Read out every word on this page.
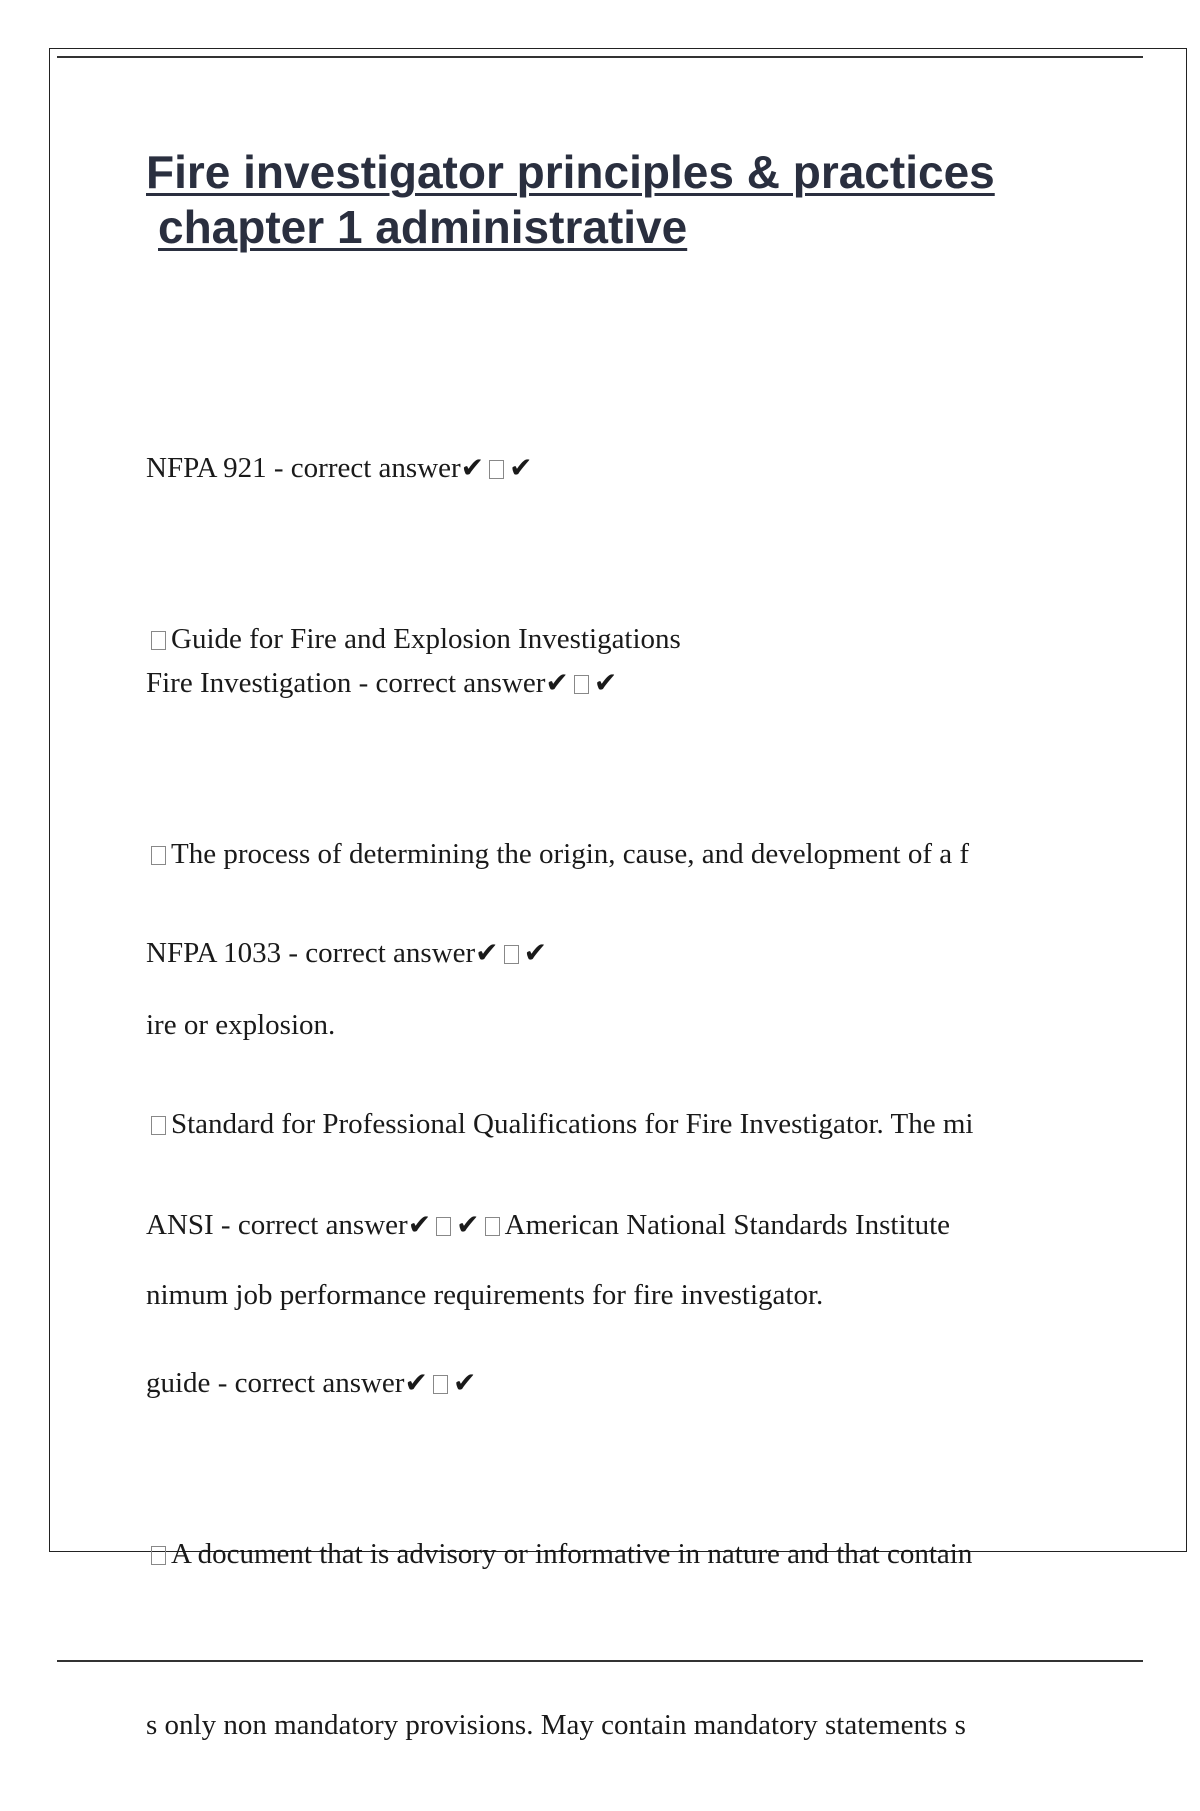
Fire investigator principles & practices
chapter 1 administrative

NFPA 921 - correct answer✔ ✔

Guide for Fire and Explosion Investigations

Fire Investigation - correct answer✔ ✔

The process of determining the origin, cause, and development of a f

ire or explosion.

NFPA 1033 - correct answer✔ ✔

Standard for Professional Qualifications for Fire Investigator. The mi

nimum job performance requirements for fire investigator.

ANSI - correct answer✔ ✔ American National Standards Institute

guide - correct answer✔ ✔

A document that is advisory or informative in nature and that contain

s only non mandatory provisions. May contain mandatory statements s
